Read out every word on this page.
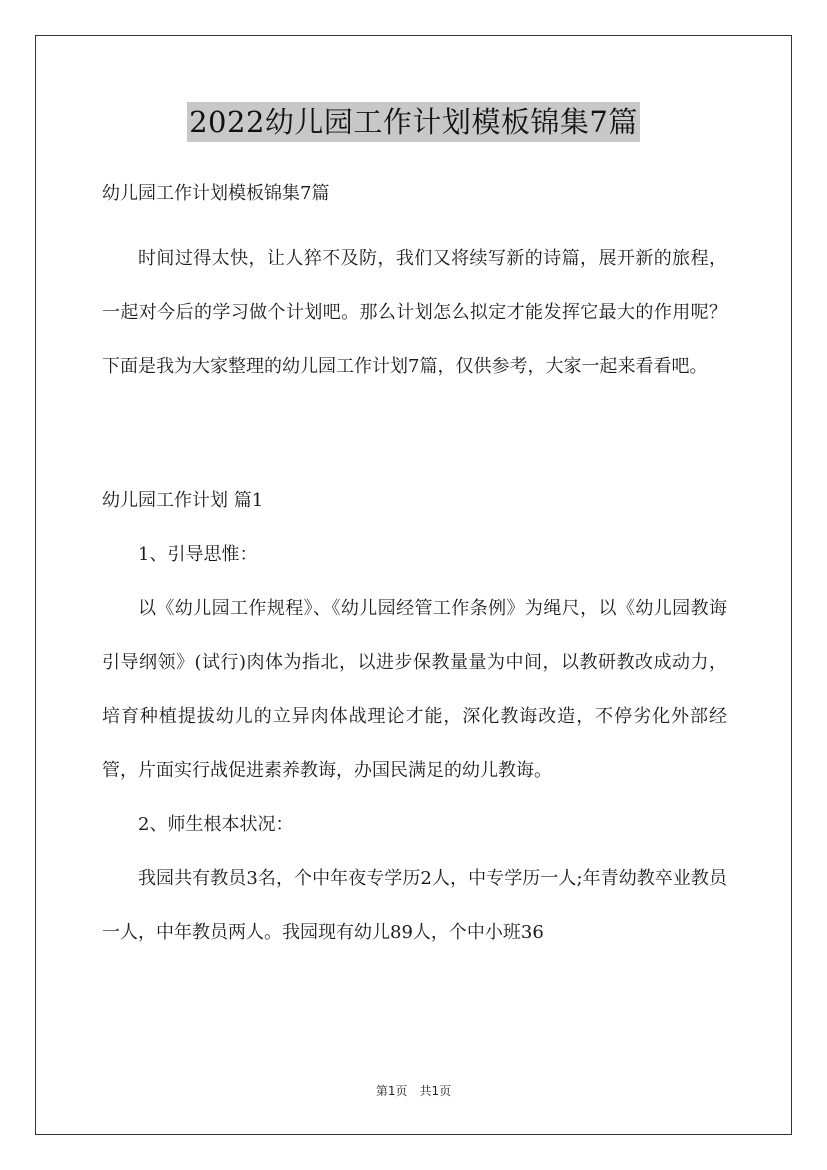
2022幼儿园工作计划模板锦集7篇
幼儿园工作计划模板锦集7篇

时间过得太快，让人猝不及防，我们又将续写新的诗篇，展开新的旅程，一起对今后的学习做个计划吧。那么计划怎么拟定才能发挥它最大的作用呢？下面是我为大家整理的幼儿园工作计划7篇，仅供参考，大家一起来看看吧。

幼儿园工作计划 篇1
1、引导思惟：

以《幼儿园工作规程》、《幼儿园经管工作条例》为绳尺，以《幼儿园教诲引导纲领》(试行)肉体为指北，以进步保教量量为中间，以教研教改成动力，培育种植提拔幼儿的立异肉体战理论才能，深化教诲改造，不停劣化外部经管，片面实行战促进素养教诲，办国民满足的幼儿教诲。

2、师生根本状况：

我园共有教员3名，个中年夜专学历2人，中专学历一人;年青幼教卒业教员一人，中年教员两人。我园现有幼儿89人，个中小班36

第1页　共1页
